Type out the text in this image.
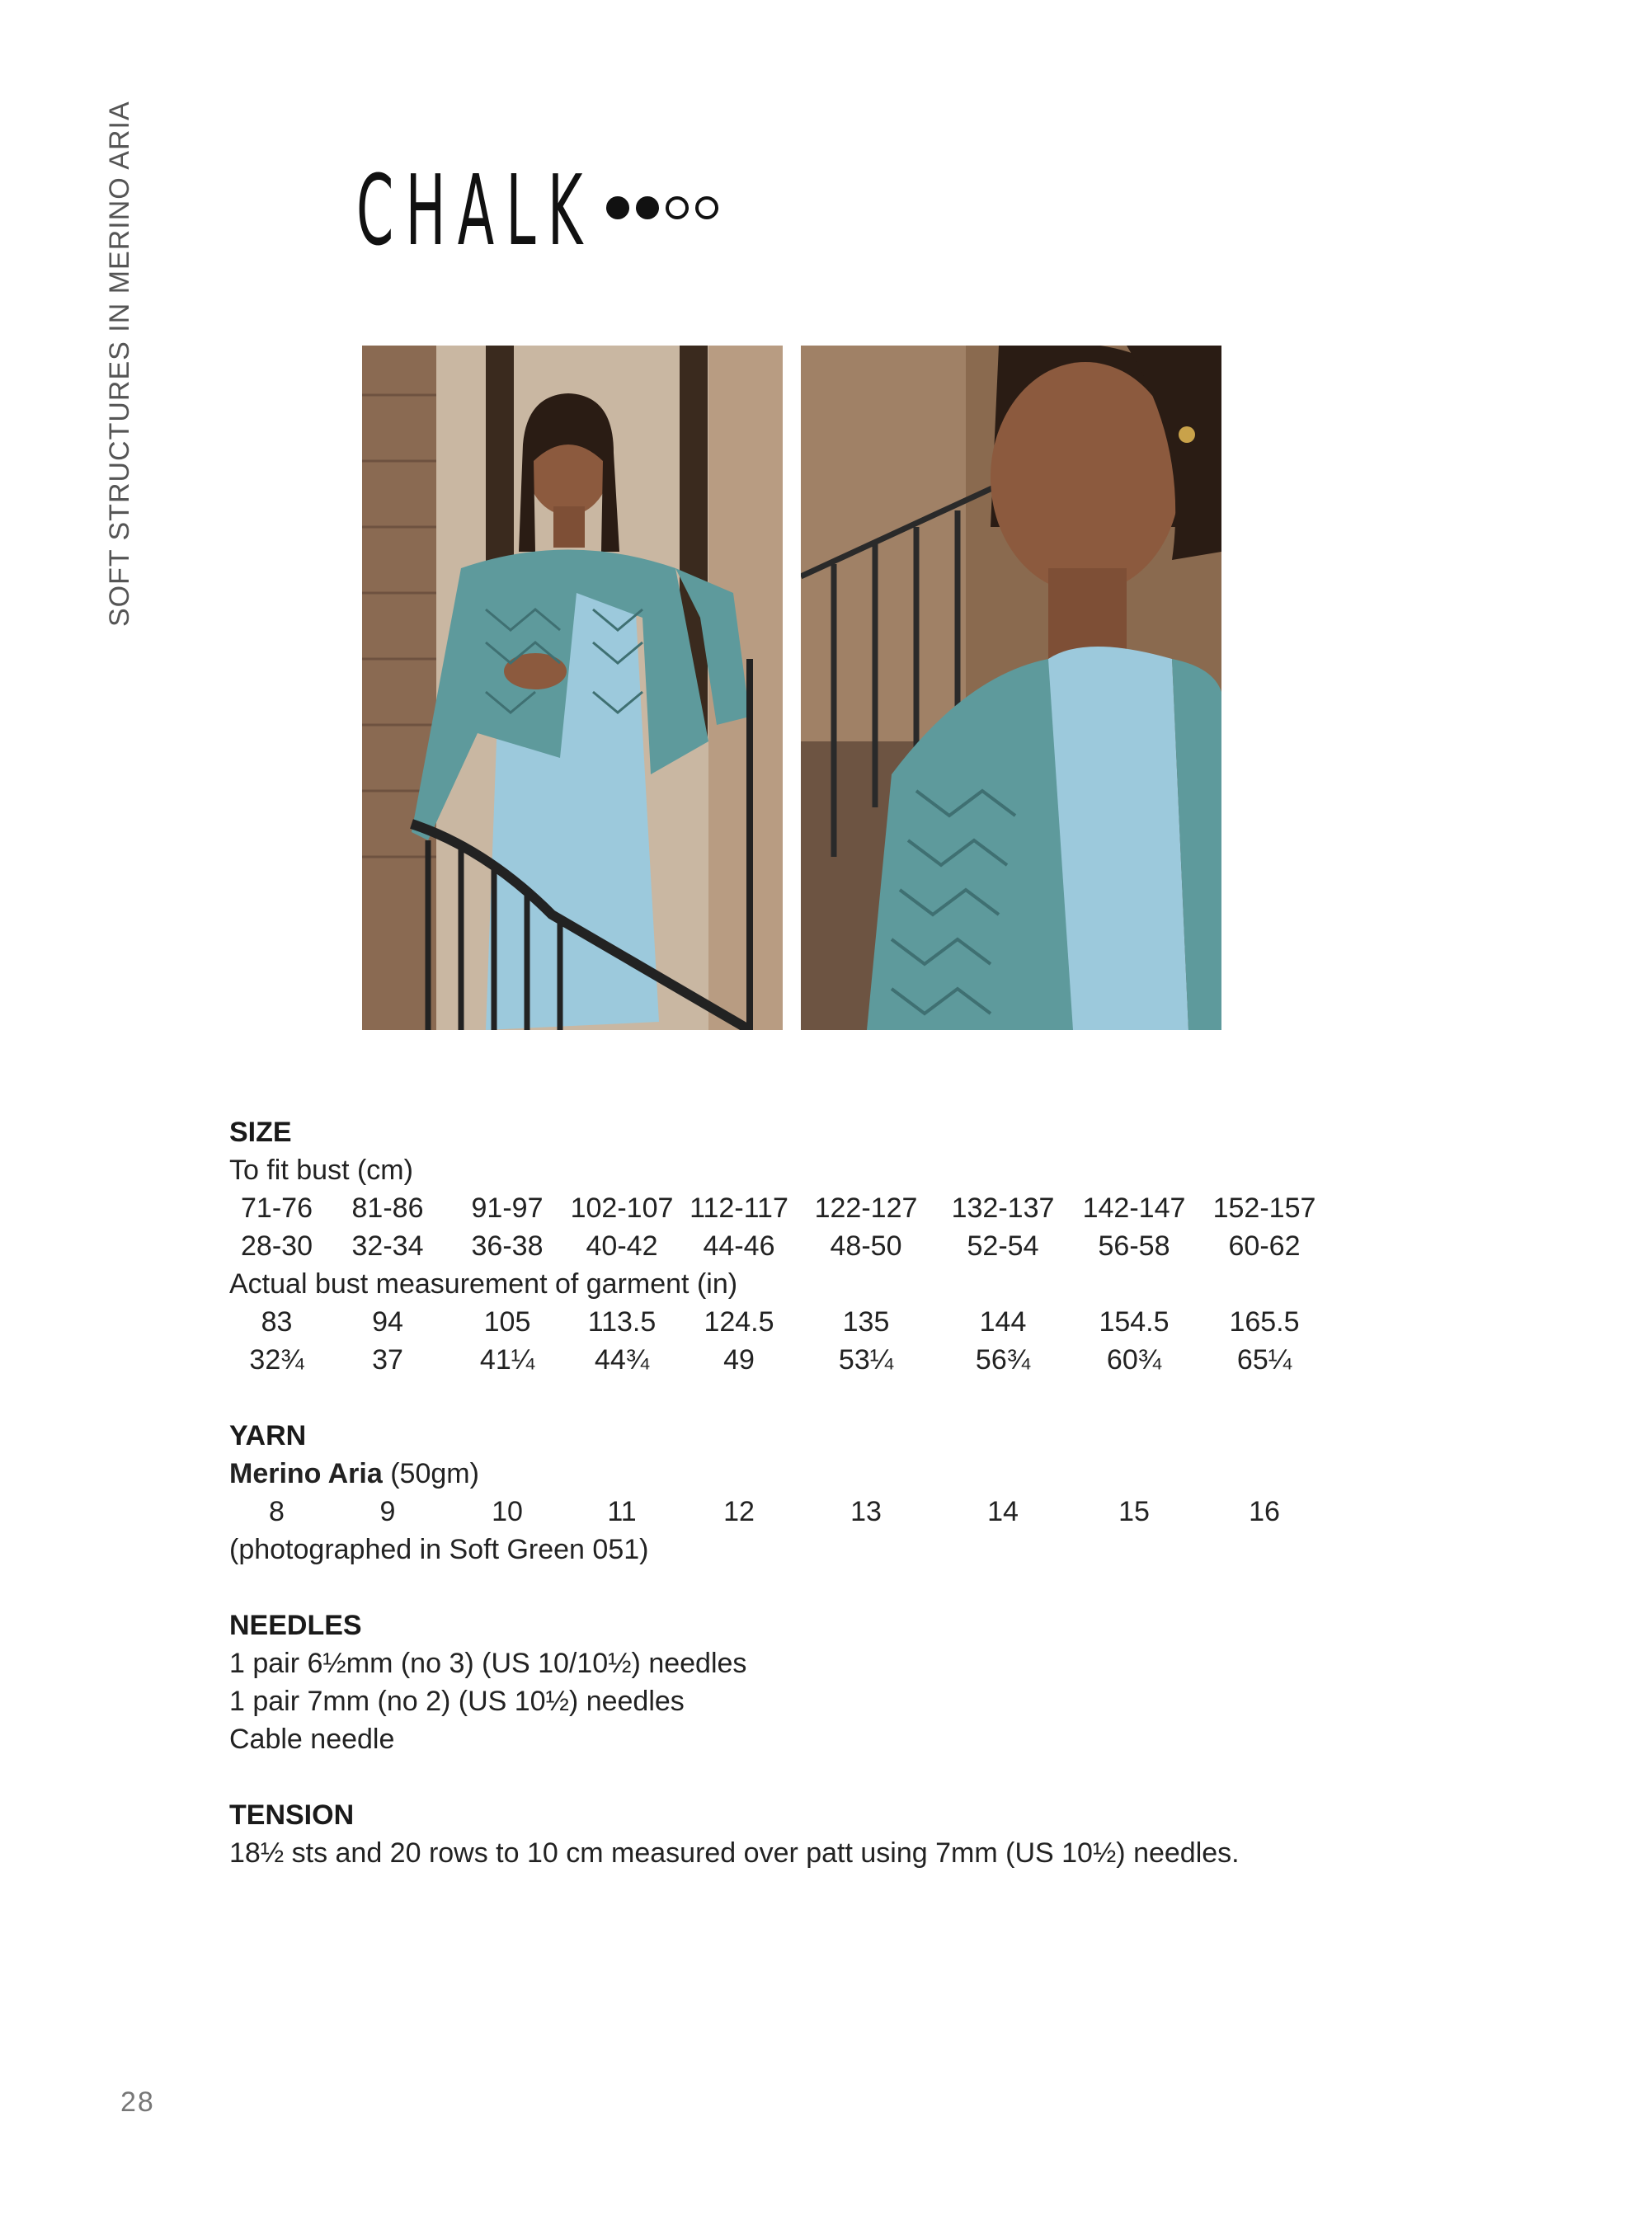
SOFT STRUCTURES IN MERINO ARIA CHALK
SIZE
To fit bust (cm)
71-76	81-86	91-97 102-107 112-117 122-127	132-137	142-147 152-157
28-30	32-34	36-38	40-42	44-46	48-50	52-54	56-58	60-62
Actual bust measurement of garment (in)
83	94	105	113.5	124.5	135	144	154.5	165.5
32¾	37	41¼	44¾	49	53¼	56¾	60¾	65¼
YARN
Merino Aria (50gm)
8	9	10	11	12	13	14	15	16
(photographed in Soft Green 051)
NEEDLES
1 pair 6½mm (no 3) (US 10/10½) needles
1 pair 7mm (no 2) (US 10½) needles
Cable needle
TENSION
18½ sts and 20 rows to 10 cm measured over patt using 7mm (US 10½) needles.
28
